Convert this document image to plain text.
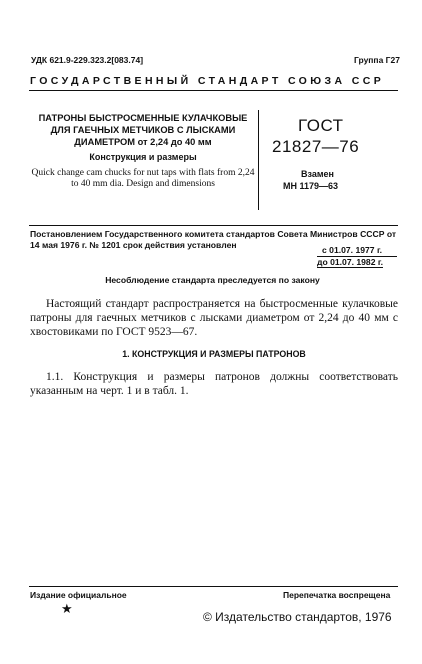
УДК 621.9-229.323.2[083.74]	Группа Г27
ГОСУДАРСТВЕННЫЙ СТАНДАРТ СОЮЗА ССР
ПАТРОНЫ БЫСТРОСМЕННЫЕ КУЛАЧКОВЫЕ ДЛЯ ГАЕЧНЫХ МЕТЧИКОВ С ЛЫСКАМИ ДИАМЕТРОМ от 2,24 до 40 мм
Конструкция и размеры
Quick change cam chucks for nut taps with flats from 2,24 to 40 mm dia. Design and dimensions
ГОСТ
21827—76
Взамен
МН 1179—63
Постановлением Государственного комитета стандартов Совета Министров СССР от 14 мая 1976 г. № 1201 срок действия установлен	с 01.07. 1977 г.
до 01.07. 1982 г.
Несоблюдение стандарта преследуется по закону
Настоящий стандарт распространяется на быстросменные кулачковые патроны для гаечных метчиков с лысками диаметром от 2,24 до 40 мм с хвостовиками по ГОСТ 9523—67.
1. КОНСТРУКЦИЯ И РАЗМЕРЫ ПАТРОНОВ
1.1. Конструкция и размеры патронов должны соответствовать указанным на черт. 1 и в табл. 1.
Издание официальное	Перепечатка воспрещена
★
© Издательство стандартов, 1976
